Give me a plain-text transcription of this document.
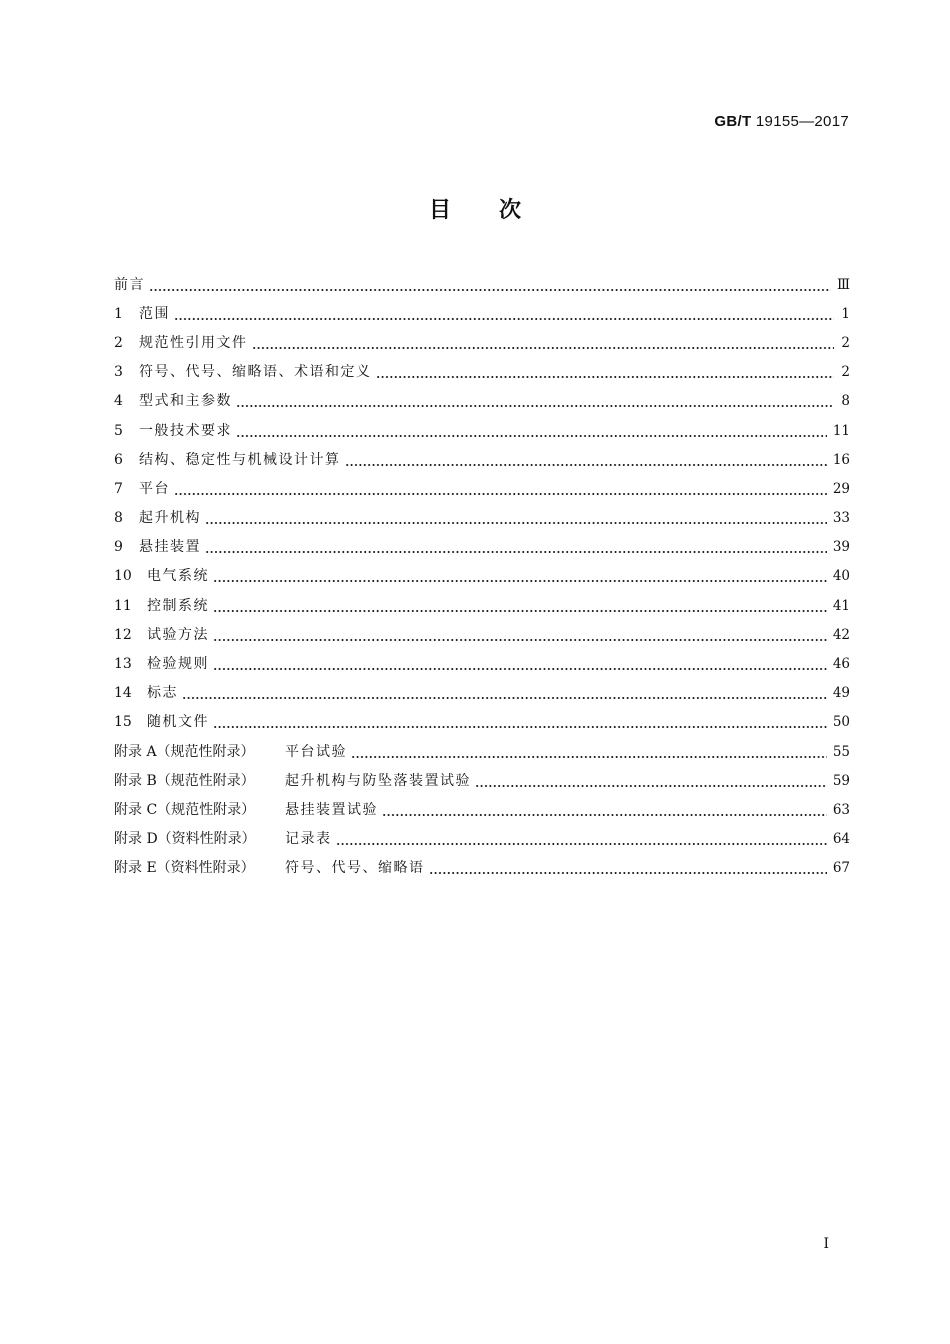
GB/T 19155—2017
目次
前言	Ⅲ
1	范围	1
2	规范性引用文件	2
3	符号、代号、缩略语、术语和定义	2
4	型式和主参数	8
5	一般技术要求	11
6	结构、稳定性与机械设计计算	16
7	平台	29
8	起升机构	33
9	悬挂装置	39
10	电气系统	40
11	控制系统	41
12	试验方法	42
13	检验规则	46
14	标志	49
15	随机文件	50
附录 A（规范性附录）	平台试验	55
附录 B（规范性附录）	起升机构与防坠落装置试验	59
附录 C（规范性附录）	悬挂装置试验	63
附录 D（资料性附录）	记录表	64
附录 E（资料性附录）	符号、代号、缩略语	67
Ⅰ
